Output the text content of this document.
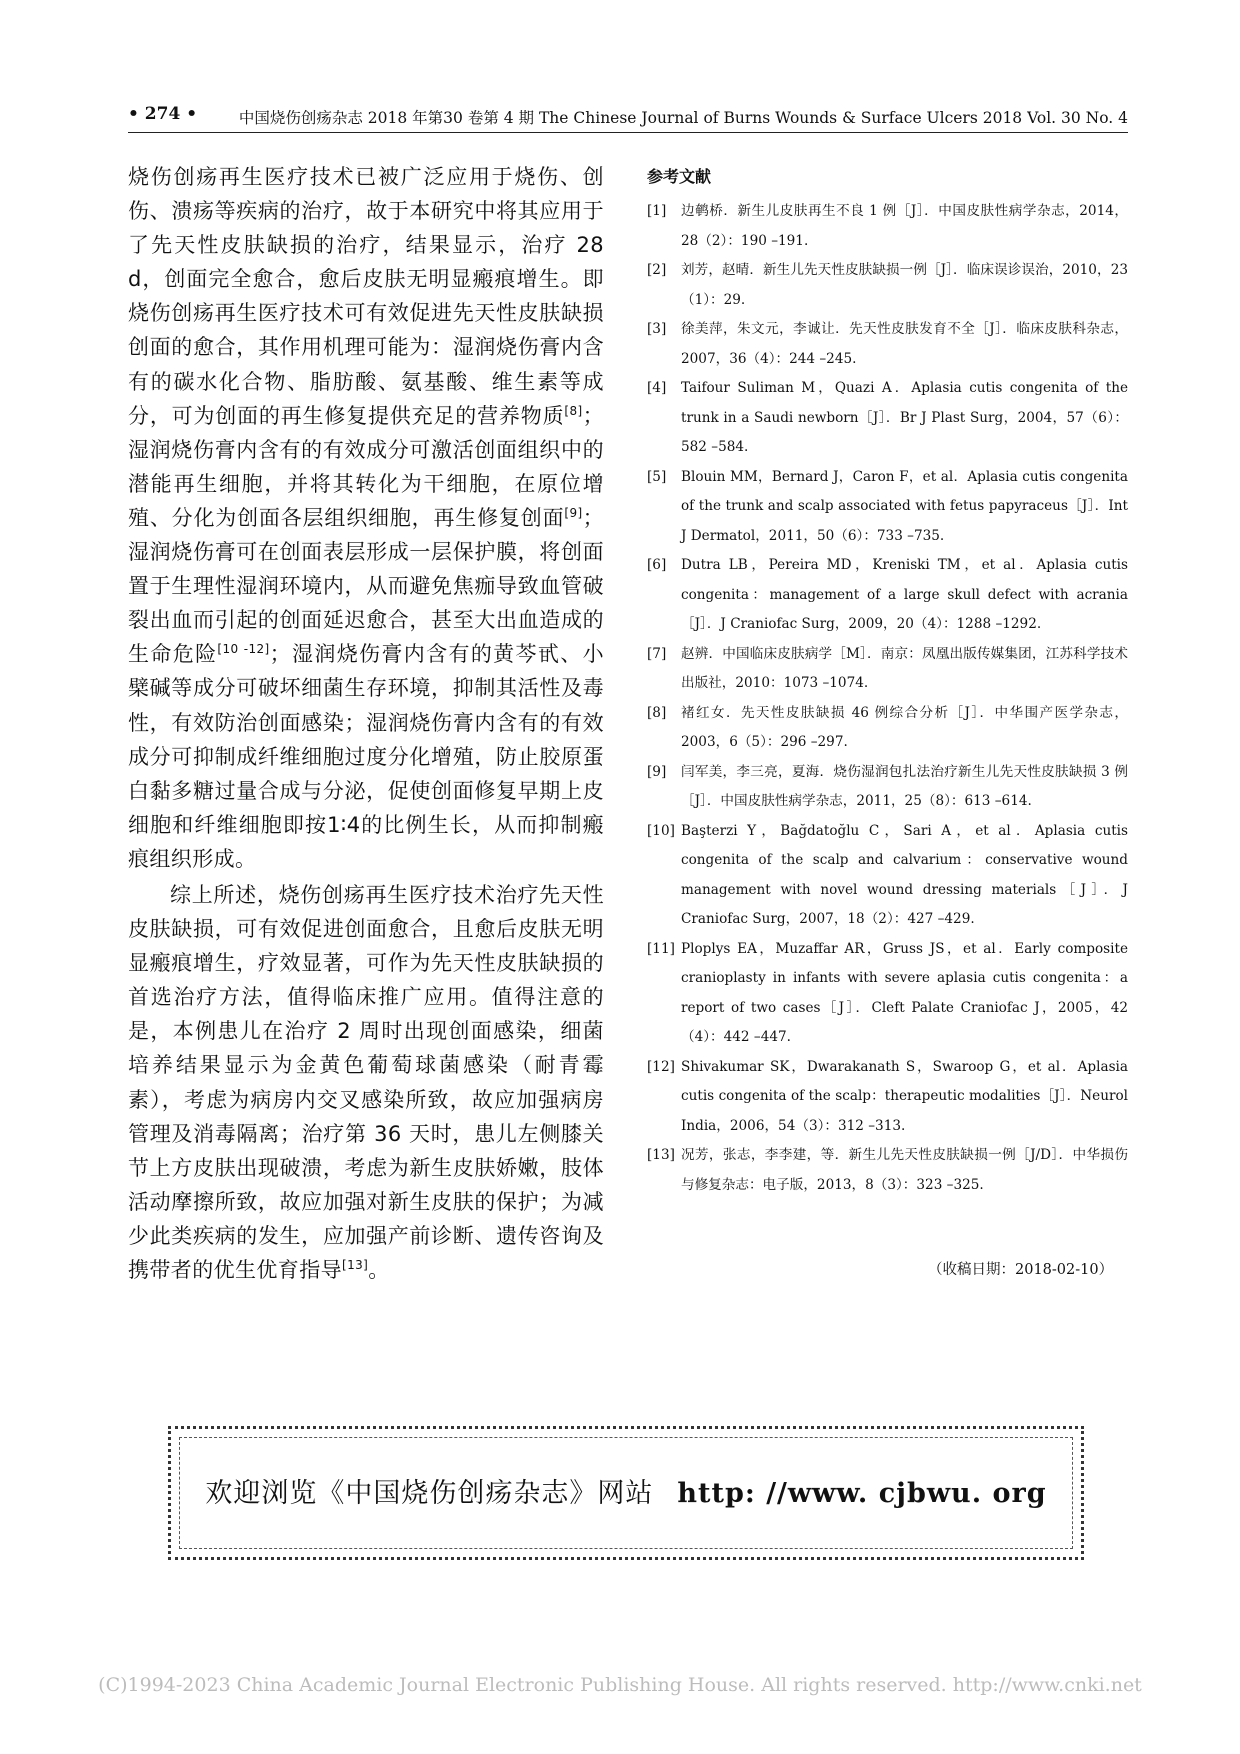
• 274 •	中国烧伤创疡杂志 2018 年第30 卷第 4 期 The Chinese Journal of Burns Wounds & Surface Ulcers 2018 Vol. 30 No. 4

烧伤创疡再生医疗技术已被广泛应用于烧伤、创伤、溃疡等疾病的治疗，故于本研究中将其应用于了先天性皮肤缺损的治疗，结果显示，治疗 28 d，创面完全愈合，愈后皮肤无明显瘢痕增生。即烧伤创疡再生医疗技术可有效促进先天性皮肤缺损创面的愈合，其作用机理可能为：湿润烧伤膏内含有的碳水化合物、脂肪酸、氨基酸、维生素等成分，可为创面的再生修复提供充足的营养物质[8]；湿润烧伤膏内含有的有效成分可激活创面组织中的潜能再生细胞，并将其转化为干细胞，在原位增殖、分化为创面各层组织细胞，再生修复创面[9]；湿润烧伤膏可在创面表层形成一层保护膜，将创面置于生理性湿润环境内，从而避免焦痂导致血管破裂出血而引起的创面延迟愈合，甚至大出血造成的生命危险[10 -12]；湿润烧伤膏内含有的黄芩甙、小檗碱等成分可破坏细菌生存环境，抑制其活性及毒性，有效防治创面感染；湿润烧伤膏内含有的有效成分可抑制成纤维细胞过度分化增殖，防止胶原蛋白黏多糖过量合成与分泌，促使创面修复早期上皮细胞和纤维细胞即按1∶4的比例生长，从而抑制瘢痕组织形成。

综上所述，烧伤创疡再生医疗技术治疗先天性皮肤缺损，可有效促进创面愈合，且愈后皮肤无明显瘢痕增生，疗效显著，可作为先天性皮肤缺损的首选治疗方法，值得临床推广应用。值得注意的是，本例患儿在治疗 2 周时出现创面感染，细菌培养结果显示为金黄色葡萄球菌感染（耐青霉素），考虑为病房内交叉感染所致，故应加强病房管理及消毒隔离；治疗第 36 天时，患儿左侧膝关节上方皮肤出现破溃，考虑为新生皮肤娇嫩，肢体活动摩擦所致，故应加强对新生皮肤的保护；为减少此类疾病的发生，应加强产前诊断、遗传咨询及携带者的优生优育指导[13]。

参考文献
[1] 边鹌桥．新生儿皮肤再生不良 1 例［J］．中国皮肤性病学杂志，2014，28（2）：190 –191.
[2] 刘芳，赵晴．新生儿先天性皮肤缺损一例［J］．临床误诊误治，2010，23（1）：29.
[3] 徐美萍，朱文元，李诚让．先天性皮肤发育不全［J］．临床皮肤科杂志，2007，36（4）：244 –245.
[4] Taifour Suliman M，Quazi A．Aplasia cutis congenita of the trunk in a Saudi newborn［J］．Br J Plast Surg，2004，57（6）：582 –584.
[5] Blouin MM，Bernard J，Caron F，et al．Aplasia cutis congenita of the trunk and scalp associated with fetus papyraceus［J］．Int J Dermatol，2011，50（6）：733 –735.
[6] Dutra LB，Pereira MD，Kreniski TM，et al．Aplasia cutis congenita：management of a large skull defect with acrania［J］．J Craniofac Surg，2009，20（4）：1288 –1292.
[7] 赵辨．中国临床皮肤病学［M］．南京：凤凰出版传媒集团，江苏科学技术出版社，2010：1073 –1074.
[8] 褚红女．先天性皮肤缺损 46 例综合分析［J］．中华围产医学杂志，2003，6（5）：296 –297.
[9] 闫军美，李三亮，夏海．烧伤湿润包扎法治疗新生儿先天性皮肤缺损 3 例［J］．中国皮肤性病学杂志，2011，25（8）：613 –614.
[10] Başterzi Y，Bağdatoğlu C，Sari A，et al．Aplasia cutis congenita of the scalp and calvarium：conservative wound management with novel wound dressing materials［J］．J Craniofac Surg，2007，18（2）：427 –429.
[11] Ploplys EA，Muzaffar AR，Gruss JS，et al．Early composite cranioplasty in infants with severe aplasia cutis congenita：a report of two cases［J］．Cleft Palate Craniofac J，2005，42（4）：442 –447.
[12] Shivakumar SK，Dwarakanath S，Swaroop G，et al．Aplasia cutis congenita of the scalp：therapeutic modalities［J］．Neurol India，2006，54（3）：312 –313.
[13] 况芳，张志，李李建，等．新生儿先天性皮肤缺损一例［J/D］．中华损伤与修复杂志：电子版，2013，8（3）：323 –325.
（收稿日期：2018-02-10）
欢迎浏览《中国烧伤创疡杂志》网站 http: //www. cjbwu. org
(C)1994-2023 China Academic Journal Electronic Publishing House. All rights reserved. http://www.cnki.net
